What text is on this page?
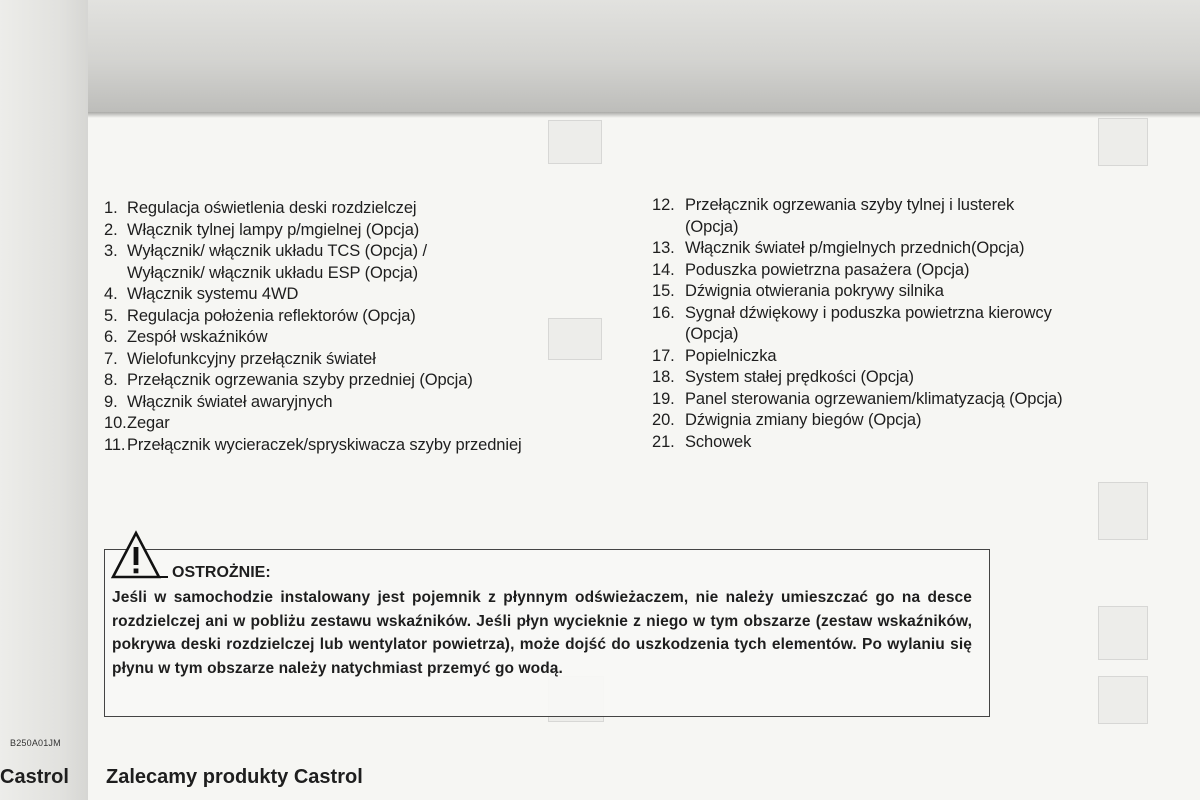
1. Regulacja oświetlenia deski rozdzielczej
2. Włącznik tylnej lampy p/mgielnej (Opcja)
3. Wyłącznik/ włącznik układu TCS (Opcja) /
Wyłącznik/ włącznik układu ESP (Opcja)
4. Włącznik systemu 4WD
5. Regulacja położenia reflektorów (Opcja)
6. Zespół wskaźników
7. Wielofunkcyjny przełącznik świateł
8. Przełącznik ogrzewania szyby przedniej (Opcja)
9. Włącznik świateł awaryjnych
10. Zegar
11. Przełącznik wycieraczek/spryskiwacza szyby przedniej
12. Przełącznik ogrzewania szyby tylnej i lusterek
(Opcja)
13. Włącznik świateł p/mgielnych przednich(Opcja)
14. Poduszka powietrzna pasażera (Opcja)
15. Dźwignia otwierania pokrywy silnika
16. Sygnał dźwiękowy i poduszka powietrzna kierowcy
(Opcja)
17. Popielniczka
18. System stałej prędkości (Opcja)
19. Panel sterowania ogrzewaniem/klimatyzacją (Opcja)
20. Dźwignia zmiany biegów (Opcja)
21. Schowek
OSTROŻNIE:
Jeśli w samochodzie instalowany jest pojemnik z płynnym odświeżaczem, nie należy umieszczać go na desce rozdzielczej ani w pobliżu zestawu wskaźników. Jeśli płyn wycieknie z niego w tym obszarze (zestaw wskaźników, pokrywa deski rozdzielczej lub wentylator powietrza), może dojść do uszkodzenia tych elementów. Po wylaniu się płynu w tym obszarze należy natychmiast przemyć go wodą.
B250A01JM
Castrol Zalecamy produkty Castrol
